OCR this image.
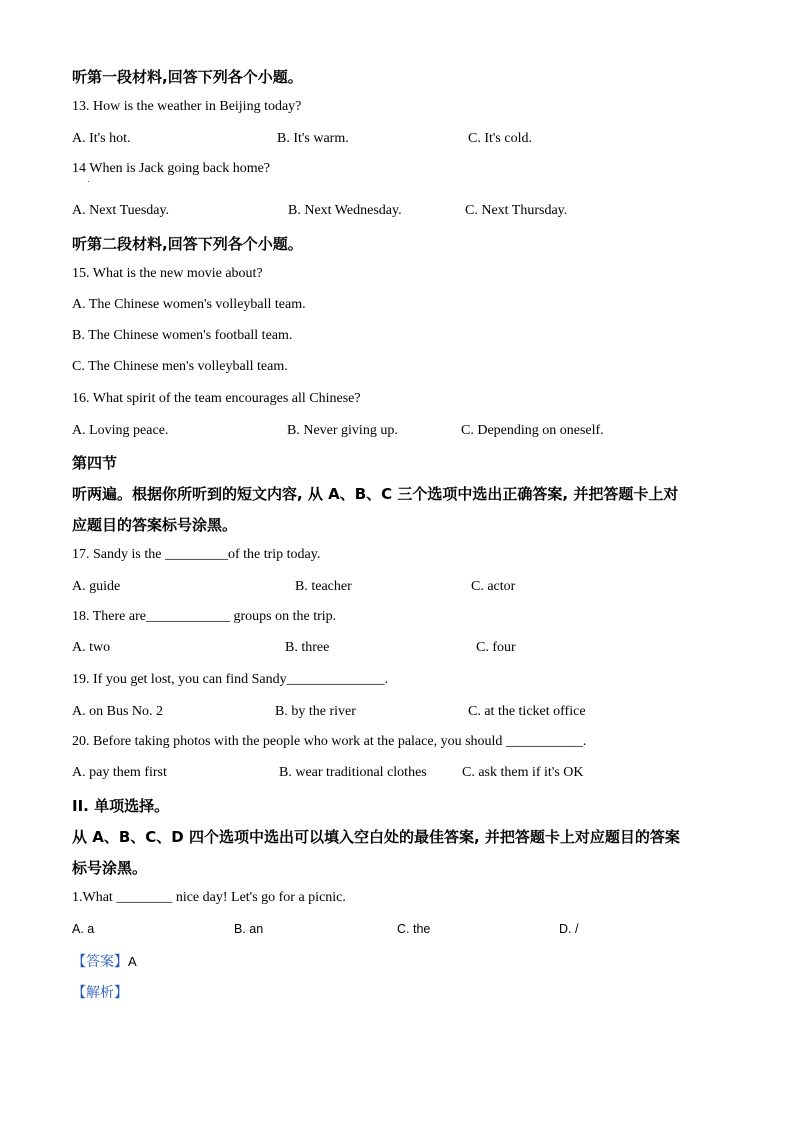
听第一段材料,回答下列各个小题。
13. How is the weather in Beijing today?
A. It's hot.	B. It's warm.	C. It's cold.
14 When is Jack going back home?
A. Next Tuesday.	B. Next Wednesday.	C. Next Thursday.
听第二段材料,回答下列各个小题。
15. What is the new movie about?
A. The Chinese women's volleyball team.
B. The Chinese women's football team.
C. The Chinese men's volleyball team.
16. What spirit of the team encourages all Chinese?
A. Loving peace.	B. Never giving up.	C. Depending on oneself.
第四节
听两遍。根据你所听到的短文内容, 从 A、B、C 三个选项中选出正确答案, 并把答题卡上对
应题目的答案标号涂黑。
17. Sandy is the _________of the trip today.
A. guide	B. teacher	C. actor
18. There are____________ groups on the trip.
A. two	B. three	C. four
19. If you get lost, you can find Sandy______________.
A. on Bus No. 2	B. by the river	C. at the ticket office
20. Before taking photos with the people who work at the palace, you should ___________.
A. pay them first	B. wear traditional clothes	C. ask them if it's OK
II. 单项选择。
从 A、B、C、D 四个选项中选出可以填入空白处的最佳答案, 并把答题卡上对应题目的答案
标号涂黑。
1.What ________ nice day! Let's go for a picnic.
A. a	B. an	C. the	D. /
【答案】A
【解析】
